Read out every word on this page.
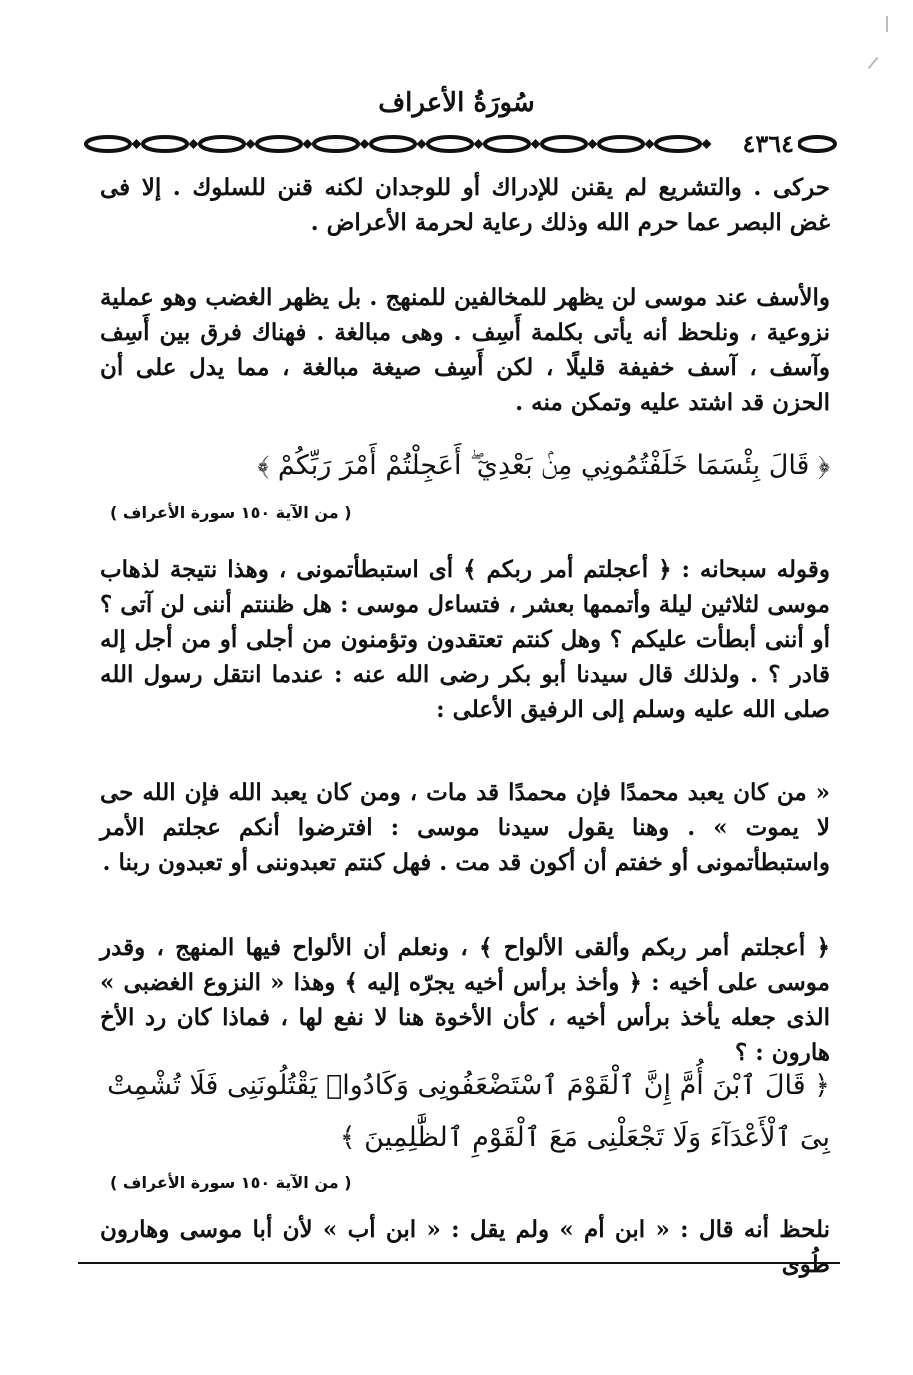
سُورَةُ الأعراف
٤٣٦٤

حركى . والتشريع لم يقنن للإدراك أو للوجدان لكنه قنن للسلوك . إلا فى غض البصر عما حرم الله وذلك رعاية لحرمة الأعراض .

والأسف عند موسى لن يظهر للمخالفين للمنهج . بل يظهر الغضب وهو عملية نزوعية ، ونلحظ أنه يأتى بكلمة أَسِف . وهى مبالغة . فهناك فرق بين أَسِف وآسف ، آسف خفيفة قليلًا ، لكن أَسِف صيغة مبالغة ، مما يدل على أن الحزن قد اشتد عليه وتمكن منه .

﴿ قَالَ بِئْسَمَا خَلَفْتُمُونِي مِنۢ بَعْدِيٓ ۖ أَعَجِلْتُمْ أَمْرَ رَبِّكُمْ ﴾
( من الآية ١٥٠ سورة الأعراف )

وقوله سبحانه : ﴿ أعجلتم أمر ربكم ﴾ أى استبطأتمونى ، وهذا نتيجة لذهاب موسى لثلاثين ليلة وأتممها بعشر ، فتساءل موسى : هل ظننتم أننى لن آتى ؟ أو أننى أبطأت عليكم ؟ وهل كنتم تعتقدون وتؤمنون من أجلى أو من أجل إله قادر ؟ . ولذلك قال سيدنا أبو بكر رضى الله عنه : عندما انتقل رسول الله صلى الله عليه وسلم إلى الرفيق الأعلى :

« من كان يعبد محمدًا فإن محمدًا قد مات ، ومن كان يعبد الله فإن الله حى لا يموت » . وهنا يقول سيدنا موسى : افترضوا أنكم عجلتم الأمر واستبطأتمونى أو خفتم أن أكون قد مت . فهل كنتم تعبدوننى أو تعبدون ربنا .

﴿ أعجلتم أمر ربكم وألقى الألواح ﴾ ، ونعلم أن الألواح فيها المنهج ، وقدر موسى على أخيه : ﴿ وأخذ برأس أخيه يجرّه إليه ﴾ وهذا « النزوع الغضبى » الذى جعله يأخذ برأس أخيه ، كأن الأخوة هنا لا نفع لها ، فماذا كان رد الأخ هارون : ؟

﴿ قَالَ ٱبْنَ أُمَّ إِنَّ ٱلْقَوْمَ ٱسْتَضْعَفُونِى وَكَادُوا۟ يَقْتُلُونَنِى فَلَا تُشْمِتْ بِىَ ٱلْأَعْدَآءَ وَلَا تَجْعَلْنِى مَعَ ٱلْقَوْمِ ٱلظَّٰلِمِينَ ﴾
( من الآية ١٥٠ سورة الأعراف )

نلحظ أنه قال : « ابن أم » ولم يقل : « ابن أب » لأن أبا موسى وهارون طُوى
